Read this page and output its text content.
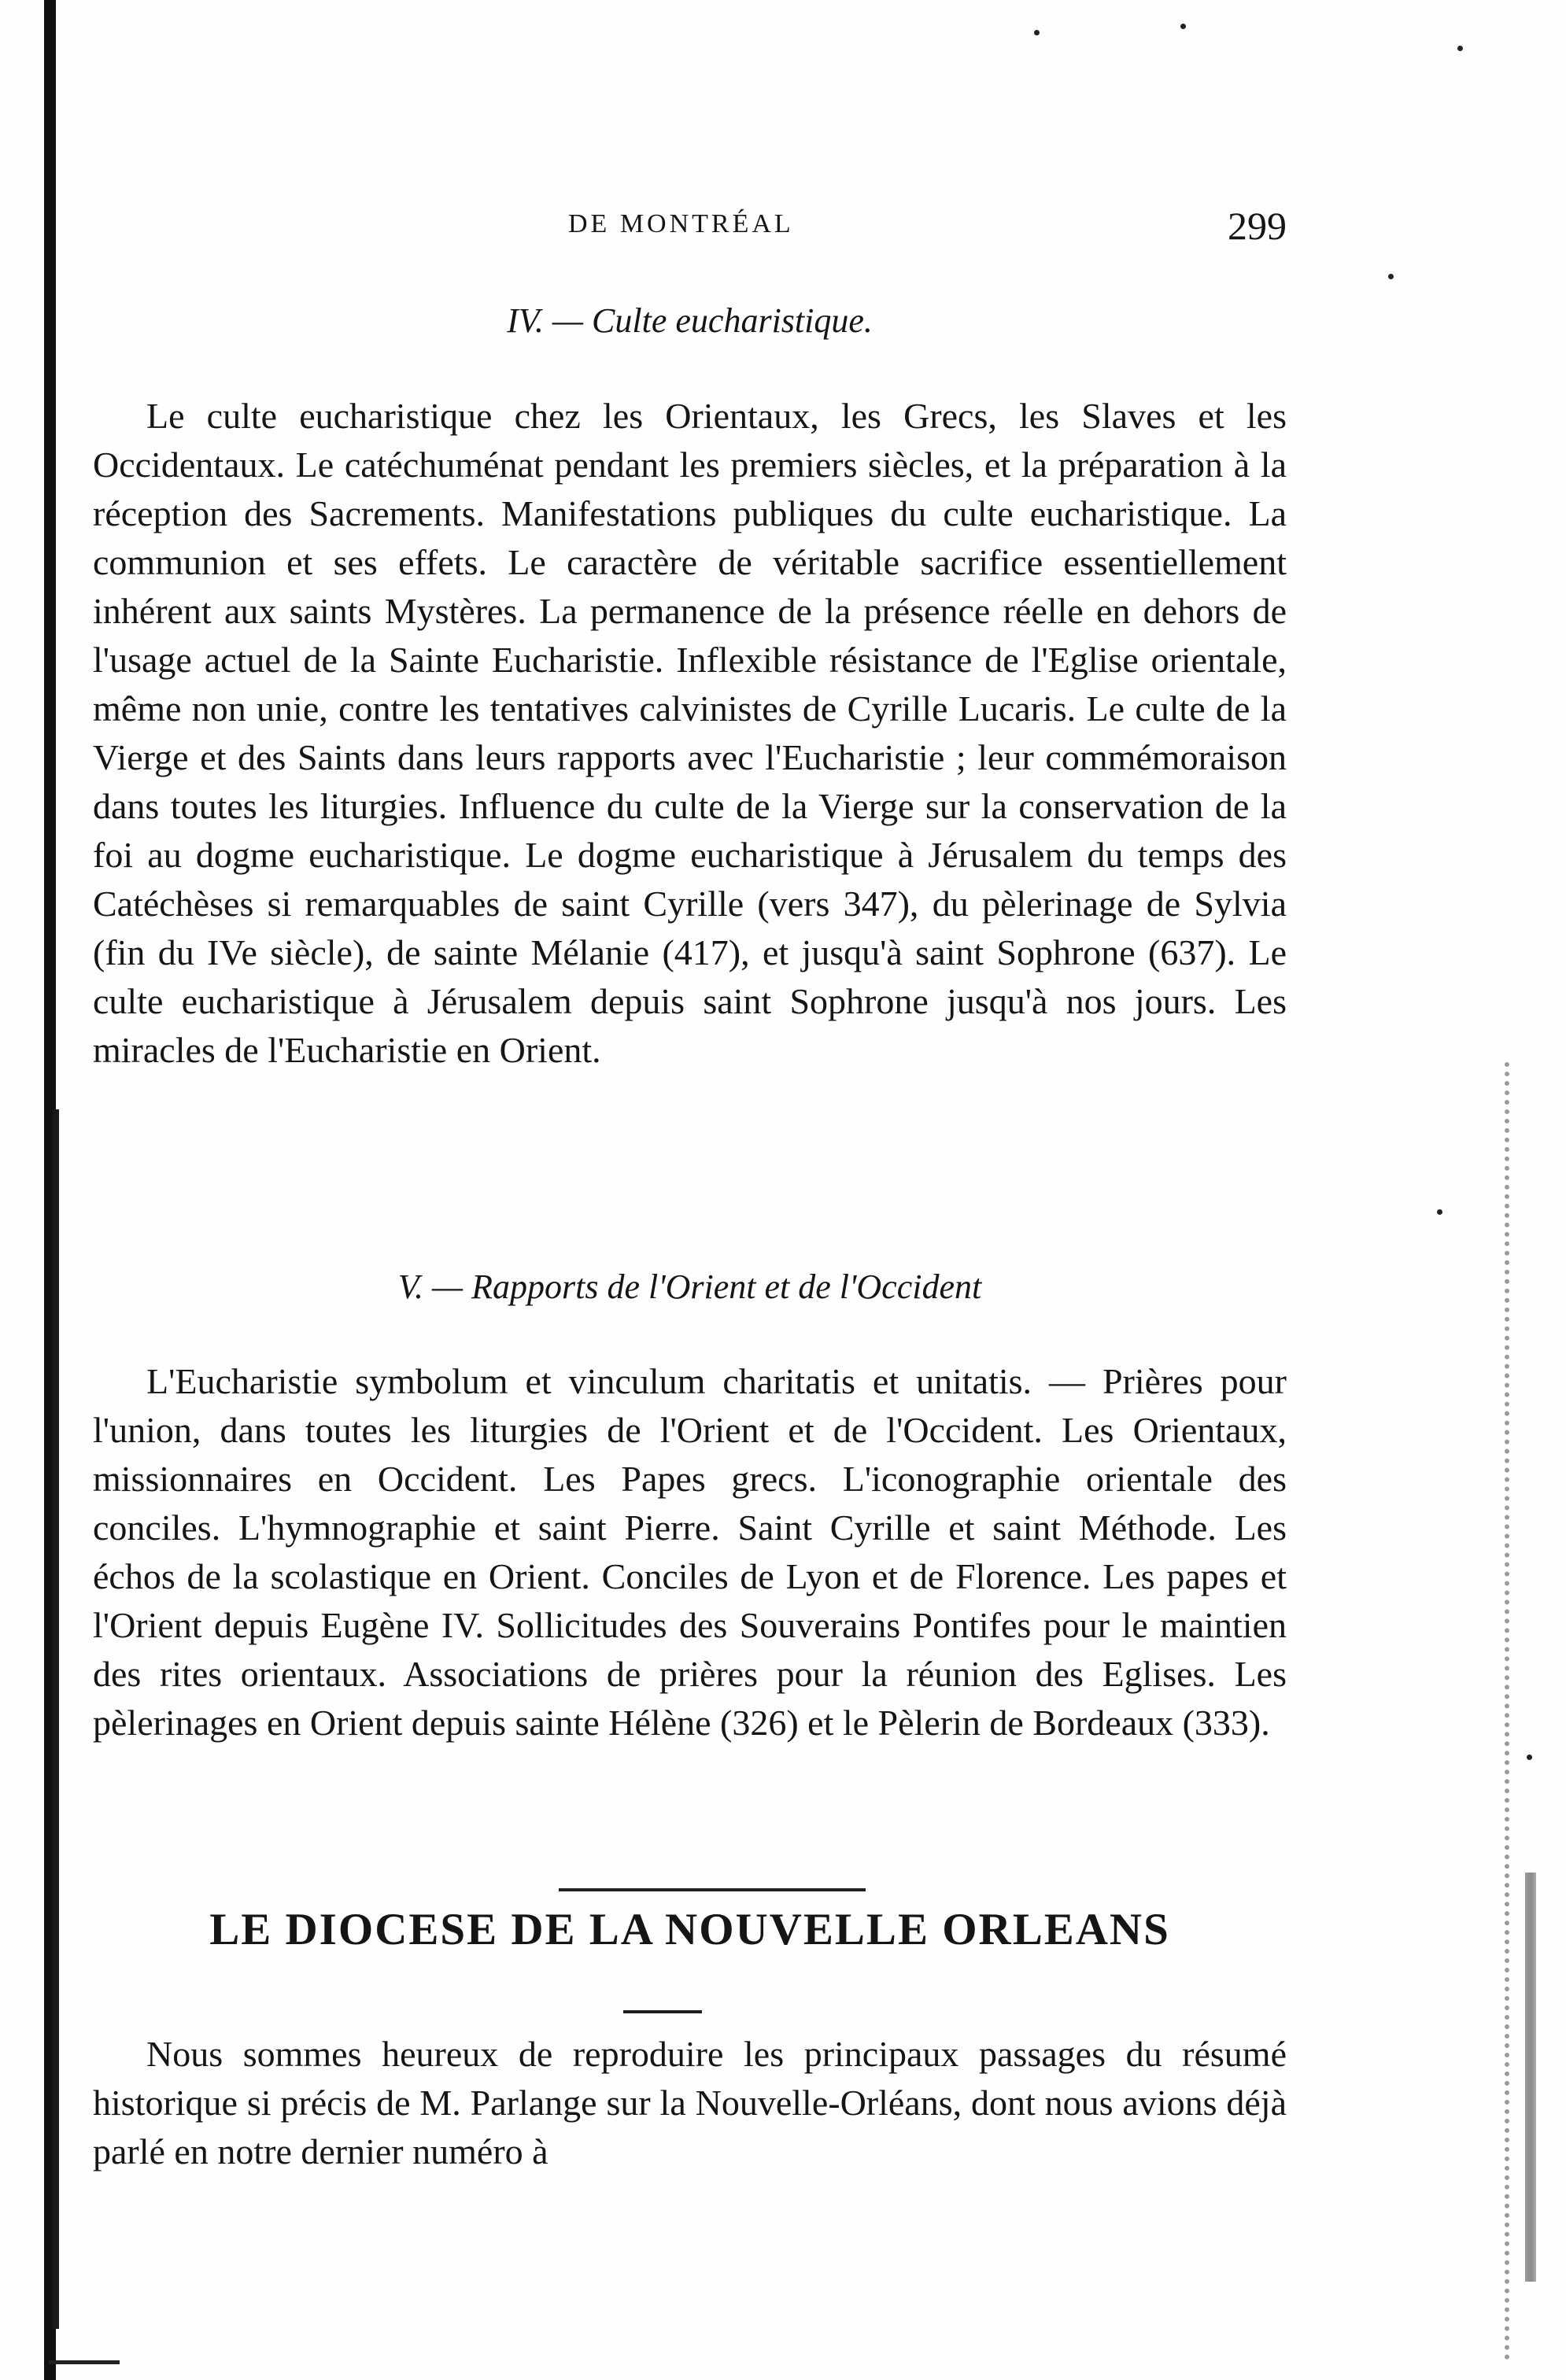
DE MONTRÉAL	299
IV. — Culte eucharistique.
Le culte eucharistique chez les Orientaux, les Grecs, les Slaves et les Occidentaux. Le catéchuménat pendant les premiers siècles, et la préparation à la réception des Sacrements. Manifestations publiques du culte eucharistique. La communion et ses effets. Le caractère de véritable sacrifice essentiellement inhérent aux saints Mystères. La permanence de la présence réelle en dehors de l'usage actuel de la Sainte Eucharistie. Inflexible résistance de l'Eglise orientale, même non unie, contre les tentatives calvinistes de Cyrille Lucaris. Le culte de la Vierge et des Saints dans leurs rapports avec l'Eucharistie ; leur commémoraison dans toutes les liturgies. Influence du culte de la Vierge sur la conservation de la foi au dogme eucharistique. Le dogme eucharistique à Jérusalem du temps des Catéchèses si remarquables de saint Cyrille (vers 347), du pèlerinage de Sylvia (fin du IVe siècle), de sainte Mélanie (417), et jusqu'à saint Sophrone (637). Le culte eucharistique à Jérusalem depuis saint Sophrone jusqu'à nos jours. Les miracles de l'Eucharistie en Orient.
V. — Rapports de l'Orient et de l'Occident
L'Eucharistie symbolum et vinculum charitatis et unitatis. — Prières pour l'union, dans toutes les liturgies de l'Orient et de l'Occident. Les Orientaux, missionnaires en Occident. Les Papes grecs. L'iconographie orientale des conciles. L'hymnographie et saint Pierre. Saint Cyrille et saint Méthode. Les échos de la scolastique en Orient. Conciles de Lyon et de Florence. Les papes et l'Orient depuis Eugène IV. Sollicitudes des Souverains Pontifes pour le maintien des rites orientaux. Associations de prières pour la réunion des Eglises. Les pèlerinages en Orient depuis sainte Hélène (326) et le Pèlerin de Bordeaux (333).
LE DIOCESE DE LA NOUVELLE ORLEANS
Nous sommes heureux de reproduire les principaux passages du résumé historique si précis de M. Parlange sur la Nouvelle-Orléans, dont nous avions déjà parlé en notre dernier numéro à
